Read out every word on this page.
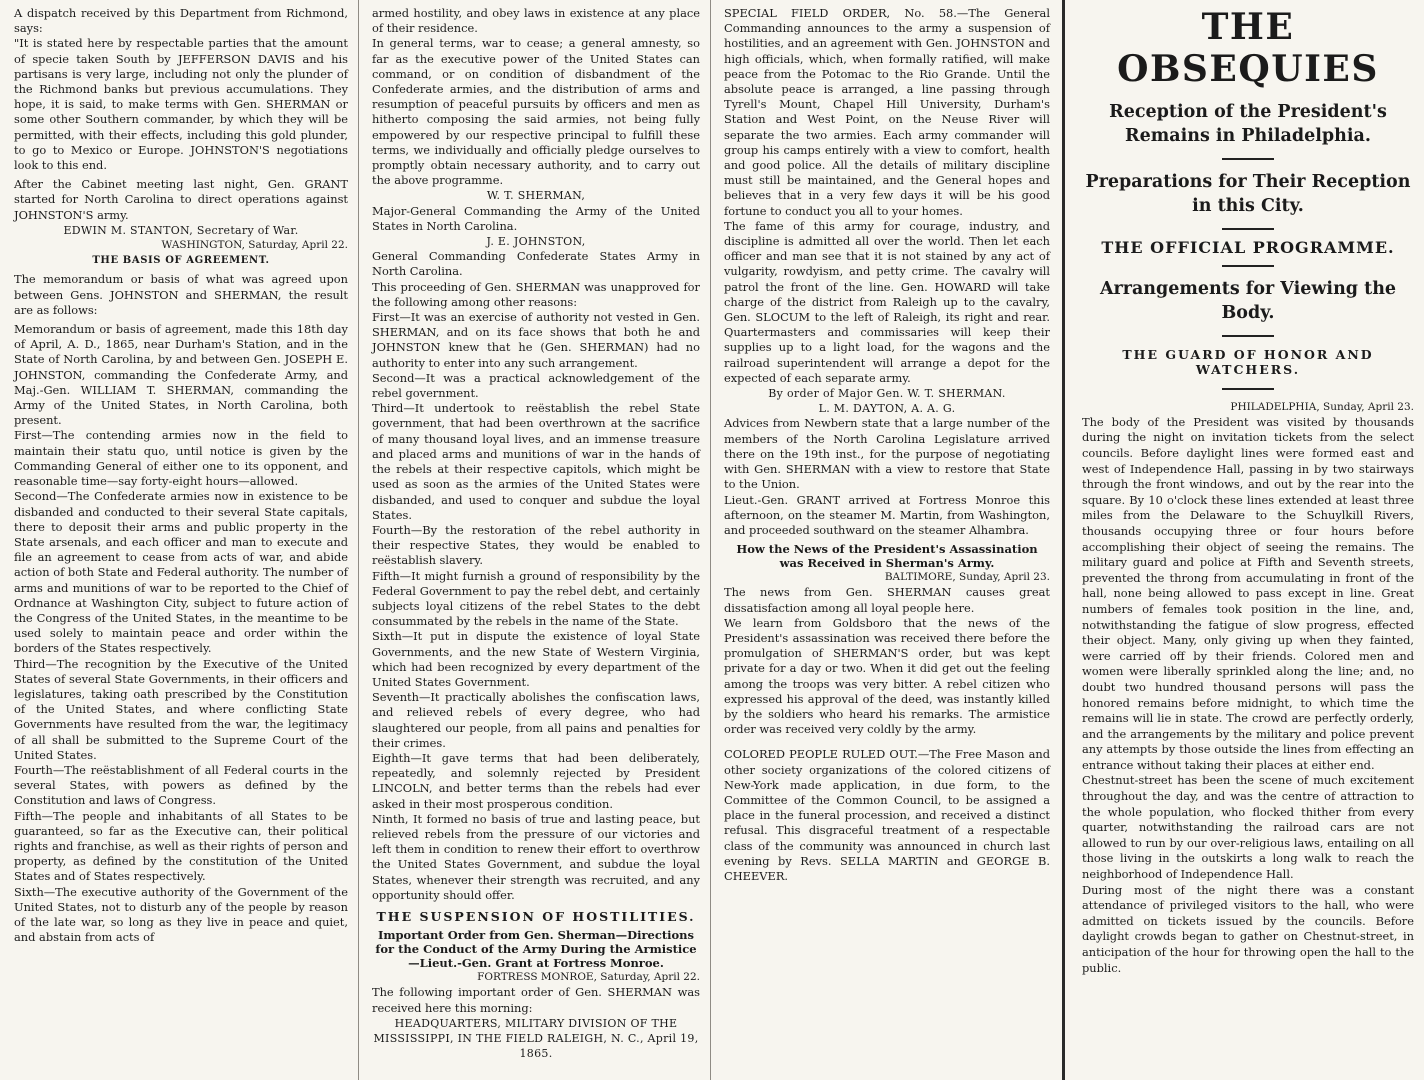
A dispatch received by this Department from Richmond, says:

"It is stated here by respectable parties that the amount of specie taken South by JEFFERSON DAVIS and his partisans is very large, including not only the plunder of the Richmond banks but previous accumulations. They hope, it is said, to make terms with Gen. SHERMAN or some other Southern commander, by which they will be permitted, with their effects, including this gold plunder, to go to Mexico or Europe. JOHNSTON'S negotiations look to this end.

After the Cabinet meeting last night, Gen. GRANT started for North Carolina to direct operations against JOHNSTON'S army.

EDWIN M. STANTON, Secretary of War.

WASHINGTON, Saturday, April 22.

THE BASIS OF AGREEMENT.

The memorandum or basis of what was agreed upon between Gens. JOHNSTON and SHERMAN, the result are as follows:

Memorandum or basis of agreement, made this 18th day of April, A. D., 1865, near Durham's Station, and in the State of North Carolina, by and between Gen. JOSEPH E. JOHNSTON, commanding the Confederate Army, and Maj.-Gen. WILLIAM T. SHERMAN, commanding the Army of the United States, in North Carolina, both present.

First—The contending armies now in the field to maintain their statu quo, until notice is given by the Commanding General of either one to its opponent, and reasonable time—say forty-eight hours—allowed.

Second—The Confederate armies now in existence to be disbanded and conducted to their several State capitals, there to deposit their arms and public property in the State arsenals, and each officer and man to execute and file an agreement to cease from acts of war, and abide action of both State and Federal authority. The number of arms and munitions of war to be reported to the Chief of Ordnance at Washington City, subject to future action of the Congress of the United States, in the meantime to be used solely to maintain peace and order within the borders of the States respectively.

Third—The recognition by the Executive of the United States of several State Governments, in their officers and legislatures, taking oath prescribed by the Constitution of the United States, and where conflicting State Governments have resulted from the war, the legitimacy of all shall be submitted to the Supreme Court of the United States.

Fourth—The reëstablishment of all Federal courts in the several States, with powers as defined by the Constitution and laws of Congress.

Fifth—The people and inhabitants of all States to be guaranteed, so far as the Executive can, their political rights and franchise, as well as their rights of person and property, as defined by the constitution of the United States and of States respectively.

Sixth—The executive authority of the Government of the United States, not to disturb any of the people by reason of the late war, so long as they live in peace and quiet, and abstain from acts of

armed hostility, and obey laws in existence at any place of their residence.

In general terms, war to cease; a general amnesty, so far as the executive power of the United States can command, or on condition of disbandment of the Confederate armies, and the distribution of arms and resumption of peaceful pursuits by officers and men as hitherto composing the said armies, not being fully empowered by our respective principal to fulfill these terms, we individually and officially pledge ourselves to promptly obtain necessary authority, and to carry out the above programme.

W. T. SHERMAN,

Major-General Commanding the Army of the United States in North Carolina.

J. E. JOHNSTON,

General Commanding Confederate States Army in North Carolina.

This proceeding of Gen. SHERMAN was unapproved for the following among other reasons:

First—It was an exercise of authority not vested in Gen. SHERMAN, and on its face shows that both he and JOHNSTON knew that he (Gen. SHERMAN) had no authority to enter into any such arrangement.

Second—It was a practical acknowledgement of the rebel government.

Third—It undertook to reëstablish the rebel State government, that had been overthrown at the sacrifice of many thousand loyal lives, and an immense treasure and placed arms and munitions of war in the hands of the rebels at their respective capitols, which might be used as soon as the armies of the United States were disbanded, and used to conquer and subdue the loyal States.

Fourth—By the restoration of the rebel authority in their respective States, they would be enabled to reëstablish slavery.

Fifth—It might furnish a ground of responsibility by the Federal Government to pay the rebel debt, and certainly subjects loyal citizens of the rebel States to the debt consummated by the rebels in the name of the State.

Sixth—It put in dispute the existence of loyal State Governments, and the new State of Western Virginia, which had been recognized by every department of the United States Government.

Seventh—It practically abolishes the confiscation laws, and relieved rebels of every degree, who had slaughtered our people, from all pains and penalties for their crimes.

Eighth—It gave terms that had been deliberately, repeatedly, and solemnly rejected by President LINCOLN, and better terms than the rebels had ever asked in their most prosperous condition.

Ninth, It formed no basis of true and lasting peace, but relieved rebels from the pressure of our victories and left them in condition to renew their effort to overthrow the United States Government, and subdue the loyal States, whenever their strength was recruited, and any opportunity should offer.

THE SUSPENSION OF HOSTILITIES.

Important Order from Gen. Sherman—Directions for the Conduct of the Army During the Armistice—Lieut.-Gen. Grant at Fortress Monroe.

FORTRESS MONROE, Saturday, April 22.

The following important order of Gen. SHERMAN was received here this morning:

HEADQUARTERS, MILITARY DIVISION OF THE MISSISSIPPI, IN THE FIELD RALEIGH, N. C., April 19, 1865.

SPECIAL FIELD ORDER, No. 58.—The General Commanding announces to the army a suspension of hostilities, and an agreement with Gen. JOHNSTON and high officials, which, when formally ratified, will make peace from the Potomac to the Rio Grande. Until the absolute peace is arranged, a line passing through Tyrell's Mount, Chapel Hill University, Durham's Station and West Point, on the Neuse River will separate the two armies. Each army commander will group his camps entirely with a view to comfort, health and good police. All the details of military discipline must still be maintained, and the General hopes and believes that in a very few days it will be his good fortune to conduct you all to your homes.

The fame of this army for courage, industry, and discipline is admitted all over the world. Then let each officer and man see that it is not stained by any act of vulgarity, rowdyism, and petty crime. The cavalry will patrol the front of the line. Gen. HOWARD will take charge of the district from Raleigh up to the cavalry, Gen. SLOCUM to the left of Raleigh, its right and rear. Quartermasters and commissaries will keep their supplies up to a light load, for the wagons and the railroad superintendent will arrange a depot for the expected of each separate army.

By order of Major Gen. W. T. SHERMAN.

L. M. DAYTON, A. A. G.

Advices from Newbern state that a large number of the members of the North Carolina Legislature arrived there on the 19th inst., for the purpose of negotiating with Gen. SHERMAN with a view to restore that State to the Union.

Lieut.-Gen. GRANT arrived at Fortress Monroe this afternoon, on the steamer M. Martin, from Washington, and proceeded southward on the steamer Alhambra.

How the News of the President's Assassination was Received in Sherman's Army.

BALTIMORE, Sunday, April 23.

The news from Gen. SHERMAN causes great dissatisfaction among all loyal people here.

We learn from Goldsboro that the news of the President's assassination was received there before the promulgation of SHERMAN'S order, but was kept private for a day or two. When it did get out the feeling among the troops was very bitter. A rebel citizen who expressed his approval of the deed, was instantly killed by the soldiers who heard his remarks. The armistice order was received very coldly by the army.

COLORED PEOPLE RULED OUT.—The Free Mason and other society organizations of the colored citizens of New-York made application, in due form, to the Committee of the Common Council, to be assigned a place in the funeral procession, and received a distinct refusal. This disgraceful treatment of a respectable class of the community was announced in church last evening by Revs. SELLA MARTIN and GEORGE B. CHEEVER.

THE OBSEQUIES

Reception of the President's Remains in Philadelphia.

Preparations for Their Reception in this City.

THE OFFICIAL PROGRAMME.

Arrangements for Viewing the Body.

THE GUARD OF HONOR AND WATCHERS.

PHILADELPHIA, Sunday, April 23.

The body of the President was visited by thousands during the night on invitation tickets from the select councils. Before daylight lines were formed east and west of Independence Hall, passing in by two stairways through the front windows, and out by the rear into the square. By 10 o'clock these lines extended at least three miles from the Delaware to the Schuylkill Rivers, thousands occupying three or four hours before accomplishing their object of seeing the remains. The military guard and police at Fifth and Seventh streets, prevented the throng from accumulating in front of the hall, none being allowed to pass except in line. Great numbers of females took position in the line, and, notwithstanding the fatigue of slow progress, effected their object. Many, only giving up when they fainted, were carried off by their friends. Colored men and women were liberally sprinkled along the line; and, no doubt two hundred thousand persons will pass the honored remains before midnight, to which time the remains will lie in state. The crowd are perfectly orderly, and the arrangements by the military and police prevent any attempts by those outside the lines from effecting an entrance without taking their places at either end.

Chestnut-street has been the scene of much excitement throughout the day, and was the centre of attraction to the whole population, who flocked thither from every quarter, notwithstanding the railroad cars are not allowed to run by our over-religious laws, entailing on all those living in the outskirts a long walk to reach the neighborhood of Independence Hall.

During most of the night there was a constant attendance of privileged visitors to the hall, who were admitted on tickets issued by the councils. Before daylight crowds began to gather on Chestnut-street, in anticipation of the hour for throwing open the hall to the public.
